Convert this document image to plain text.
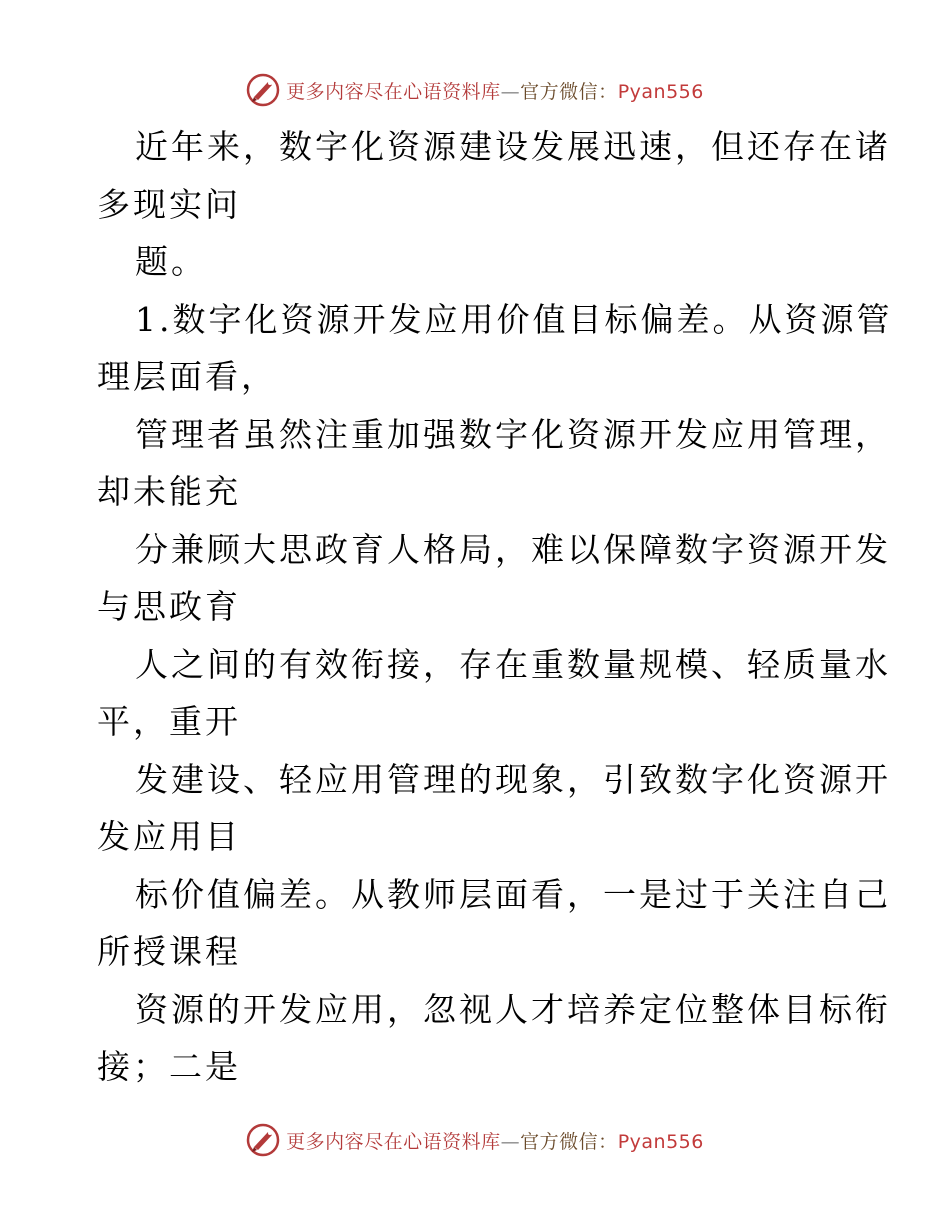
更多内容尽在心语资料库—官方微信：Pyan556
近年来，数字化资源建设发展迅速，但还存在诸
多现实问
题。
1.数字化资源开发应用价值目标偏差。从资源管
理层面看，
管理者虽然注重加强数字化资源开发应用管理，
却未能充
分兼顾大思政育人格局，难以保障数字资源开发
与思政育
人之间的有效衔接，存在重数量规模、轻质量水
平，重开
发建设、轻应用管理的现象，引致数字化资源开
发应用目
标价值偏差。从教师层面看，一是过于关注自己
所授课程
资源的开发应用，忽视人才培养定位整体目标衔
接；二是
更多内容尽在心语资料库—官方微信：Pyan556
